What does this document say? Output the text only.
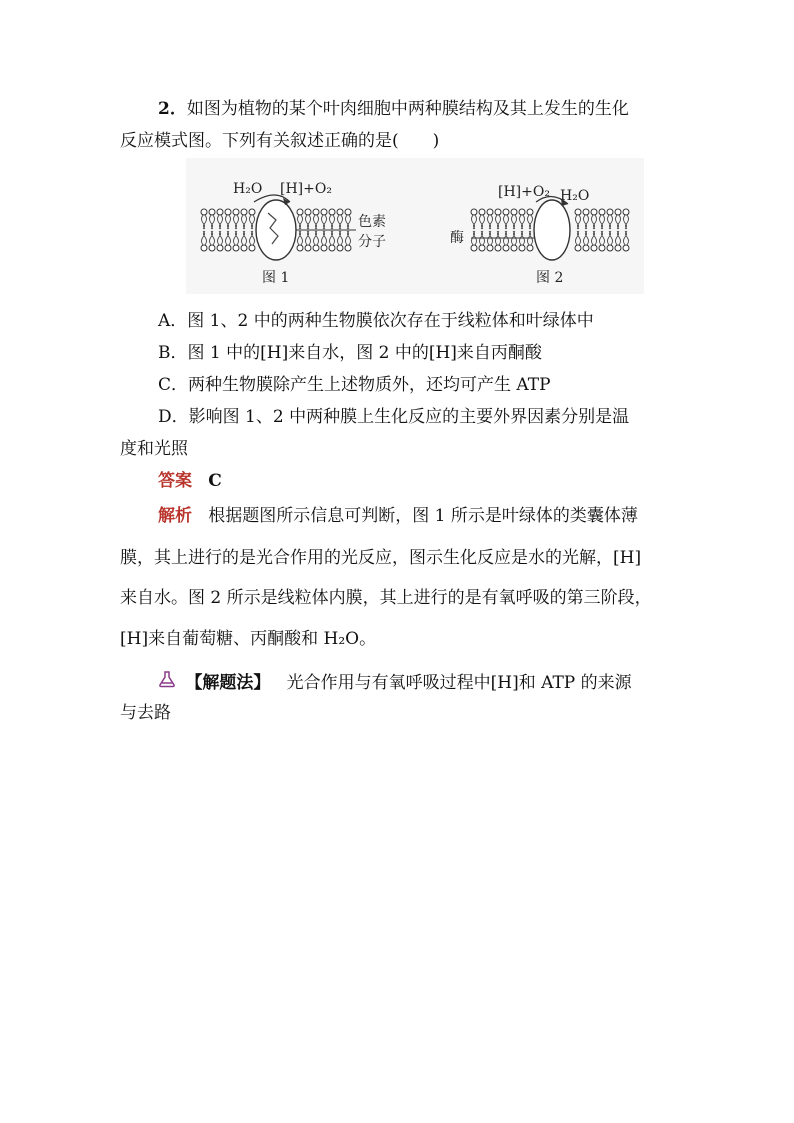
2．如图为植物的某个叶肉细胞中两种膜结构及其上发生的生化
反应模式图。下列有关叙述正确的是(　　)
H₂O [H]+O₂
色素
分子
图 1
[H]+O₂ H₂O
酶
图 2
A．图 1、2 中的两种生物膜依次存在于线粒体和叶绿体中
B．图 1 中的[H]来自水，图 2 中的[H]来自丙酮酸
C．两种生物膜除产生上述物质外，还均可产生 ATP
D．影响图 1、2 中两种膜上生化反应的主要外界因素分别是温
度和光照
答案 C
解析 根据题图所示信息可判断，图 1 所示是叶绿体的类囊体薄
膜，其上进行的是光合作用的光反应，图示生化反应是水的光解，[H]
来自水。图 2 所示是线粒体内膜，其上进行的是有氧呼吸的第三阶段，
[H]来自葡萄糖、丙酮酸和 H₂O。
【解题法】 光合作用与有氧呼吸过程中[H]和 ATP 的来源
与去路
